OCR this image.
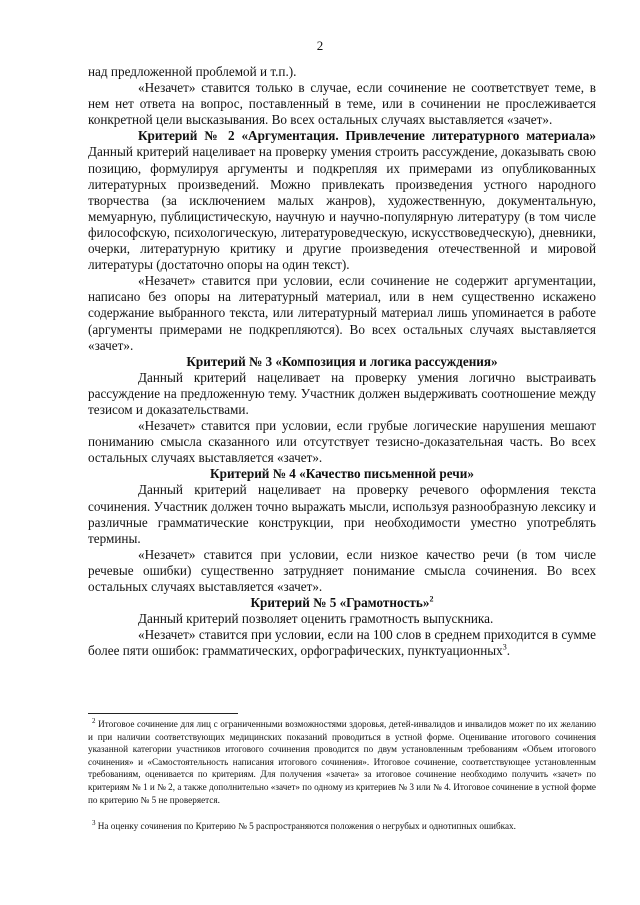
2

над предложенной проблемой и т.п.).

«Незачет» ставится только в случае, если сочинение не соответствует теме, в нем нет ответа на вопрос, поставленный в теме, или в сочинении не прослеживается конкретной цели высказывания. Во всех остальных случаях выставляется «зачет».

Критерий № 2 «Аргументация. Привлечение литературного материала» Данный критерий нацеливает на проверку умения строить рассуждение, доказывать свою позицию, формулируя аргументы и подкрепляя их примерами из опубликованных литературных произведений. Можно привлекать произведения устного народного творчества (за исключением малых жанров), художественную, документальную, мемуарную, публицистическую, научную и научно-популярную литературу (в том числе философскую, психологическую, литературоведческую, искусствоведческую), дневники, очерки, литературную критику и другие произведения отечественной и мировой литературы (достаточно опоры на один текст).

«Незачет» ставится при условии, если сочинение не содержит аргументации, написано без опоры на литературный материал, или в нем существенно искажено содержание выбранного текста, или литературный материал лишь упоминается в работе (аргументы примерами не подкрепляются). Во всех остальных случаях выставляется «зачет».

Критерий № 3 «Композиция и логика рассуждения»

Данный критерий нацеливает на проверку умения логично выстраивать рассуждение на предложенную тему. Участник должен выдерживать соотношение между тезисом и доказательствами.

«Незачет» ставится при условии, если грубые логические нарушения мешают пониманию смысла сказанного или отсутствует тезисно-доказательная часть. Во всех остальных случаях выставляется «зачет».

Критерий № 4 «Качество письменной речи»

Данный критерий нацеливает на проверку речевого оформления текста сочинения. Участник должен точно выражать мысли, используя разнообразную лексику и различные грамматические конструкции, при необходимости уместно употреблять термины.

«Незачет» ставится при условии, если низкое качество речи (в том числе речевые ошибки) существенно затрудняет понимание смысла сочинения. Во всех остальных случаях выставляется «зачет».

Критерий № 5 «Грамотность»$^2$

Данный критерий позволяет оценить грамотность выпускника.

«Незачет» ставится при условии, если на 100 слов в среднем приходится в сумме более пяти ошибок: грамматических, орфографических, пунктуационных$^3$.

$^2$ Итоговое сочинение для лиц с ограниченными возможностями здоровья, детей-инвалидов и инвалидов может по их желанию и при наличии соответствующих медицинских показаний проводиться в устной форме. Оценивание итогового сочинения указанной категории участников итогового сочинения проводится по двум установленным требованиям «Объем итогового сочинения» и «Самостоятельность написания итогового сочинения». Итоговое сочинение, соответствующее установленным требованиям, оценивается по критериям. Для получения «зачета» за итоговое сочинение необходимо получить «зачет» по критериям № 1 и № 2, а также дополнительно «зачет» по одному из критериев № 3 или № 4. Итоговое сочинение в устной форме по критерию № 5 не проверяется.

$^3$ На оценку сочинения по Критерию № 5 распространяются положения о негрубых и однотипных ошибках.
